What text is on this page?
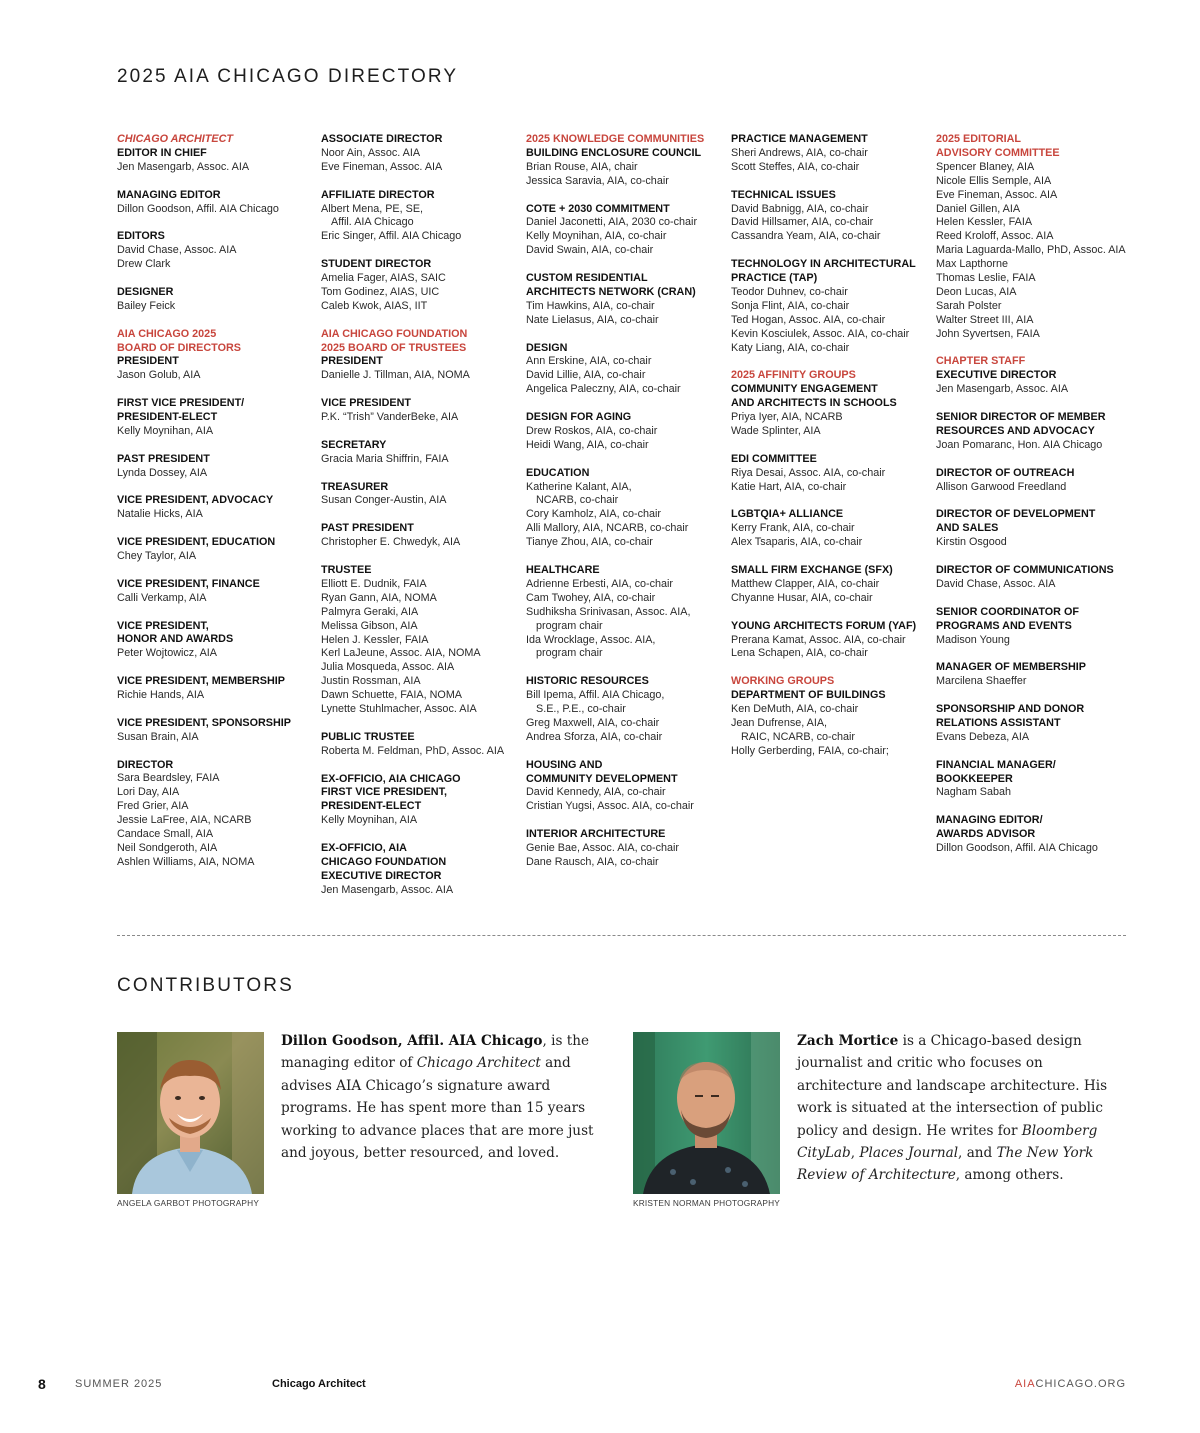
2025 AIA CHICAGO DIRECTORY
CHICAGO ARCHITECT
EDITOR IN CHIEF
Jen Masengarb, Assoc. AIA
MANAGING EDITOR
Dillon Goodson, Affil. AIA Chicago
EDITORS
David Chase, Assoc. AIA
Drew Clark
DESIGNER
Bailey Feick
AIA CHICAGO 2025
BOARD OF DIRECTORS
PRESIDENT
Jason Golub, AIA
FIRST VICE PRESIDENT/
PRESIDENT-ELECT
Kelly Moynihan, AIA
PAST PRESIDENT
Lynda Dossey, AIA
VICE PRESIDENT, ADVOCACY
Natalie Hicks, AIA
VICE PRESIDENT, EDUCATION
Chey Taylor, AIA
VICE PRESIDENT, FINANCE
Calli Verkamp, AIA
VICE PRESIDENT,
HONOR AND AWARDS
Peter Wojtowicz, AIA
VICE PRESIDENT, MEMBERSHIP
Richie Hands, AIA
VICE PRESIDENT, SPONSORSHIP
Susan Brain, AIA
DIRECTOR
Sara Beardsley, FAIA
Lori Day, AIA
Fred Grier, AIA
Jessie LaFree, AIA, NCARB
Candace Small, AIA
Neil Sondgeroth, AIA
Ashlen Williams, AIA, NOMA
ASSOCIATE DIRECTOR
Noor Ain, Assoc. AIA
Eve Fineman, Assoc. AIA
AFFILIATE DIRECTOR
Albert Mena, PE, SE,
Affil. AIA Chicago
Eric Singer, Affil. AIA Chicago
STUDENT DIRECTOR
Amelia Fager, AIAS, SAIC
Tom Godinez, AIAS, UIC
Caleb Kwok, AIAS, IIT
AIA CHICAGO FOUNDATION
2025 BOARD OF TRUSTEES
PRESIDENT
Danielle J. Tillman, AIA, NOMA
VICE PRESIDENT
P.K. “Trish” VanderBeke, AIA
SECRETARY
Gracia Maria Shiffrin, FAIA
TREASURER
Susan Conger-Austin, AIA
PAST PRESIDENT
Christopher E. Chwedyk, AIA
TRUSTEE
Elliott E. Dudnik, FAIA
Ryan Gann, AIA, NOMA
Palmyra Geraki, AIA
Melissa Gibson, AIA
Helen J. Kessler, FAIA
Kerl LaJeune, Assoc. AIA, NOMA
Julia Mosqueda, Assoc. AIA
Justin Rossman, AIA
Dawn Schuette, FAIA, NOMA
Lynette Stuhlmacher, Assoc. AIA
PUBLIC TRUSTEE
Roberta M. Feldman, PhD, Assoc. AIA
EX-OFFICIO, AIA CHICAGO
FIRST VICE PRESIDENT,
PRESIDENT-ELECT
Kelly Moynihan, AIA
EX-OFFICIO, AIA
CHICAGO FOUNDATION
EXECUTIVE DIRECTOR
Jen Masengarb, Assoc. AIA
2025 KNOWLEDGE COMMUNITIES
BUILDING ENCLOSURE COUNCIL
Brian Rouse, AIA, chair
Jessica Saravia, AIA, co-chair
COTE + 2030 COMMITMENT
Daniel Jaconetti, AIA, 2030 co-chair
Kelly Moynihan, AIA, co-chair
David Swain, AIA, co-chair
CUSTOM RESIDENTIAL
ARCHITECTS NETWORK (CRAN)
Tim Hawkins, AIA, co-chair
Nate Lielasus, AIA, co-chair
DESIGN
Ann Erskine, AIA, co-chair
David Lillie, AIA, co-chair
Angelica Paleczny, AIA, co-chair
DESIGN FOR AGING
Drew Roskos, AIA, co-chair
Heidi Wang, AIA, co-chair
EDUCATION
Katherine Kalant, AIA,
NCARB, co-chair
Cory Kamholz, AIA, co-chair
Alli Mallory, AIA, NCARB, co-chair
Tianye Zhou, AIA, co-chair
HEALTHCARE
Adrienne Erbesti, AIA, co-chair
Cam Twohey, AIA, co-chair
Sudhiksha Srinivasan, Assoc. AIA,
program chair
Ida Wrocklage, Assoc. AIA,
program chair
HISTORIC RESOURCES
Bill Ipema, Affil. AIA Chicago,
S.E., P.E., co-chair
Greg Maxwell, AIA, co-chair
Andrea Sforza, AIA, co-chair
HOUSING AND
COMMUNITY DEVELOPMENT
David Kennedy, AIA, co-chair
Cristian Yugsi, Assoc. AIA, co-chair
INTERIOR ARCHITECTURE
Genie Bae, Assoc. AIA, co-chair
Dane Rausch, AIA, co-chair
PRACTICE MANAGEMENT
Sheri Andrews, AIA, co-chair
Scott Steffes, AIA, co-chair
TECHNICAL ISSUES
David Babnigg, AIA, co-chair
David Hillsamer, AIA, co-chair
Cassandra Yeam, AIA, co-chair
TECHNOLOGY IN ARCHITECTURAL
PRACTICE (TAP)
Teodor Duhnev, co-chair
Sonja Flint, AIA, co-chair
Ted Hogan, Assoc. AIA, co-chair
Kevin Kosciulek, Assoc. AIA, co-chair
Katy Liang, AIA, co-chair
2025 AFFINITY GROUPS
COMMUNITY ENGAGEMENT
AND ARCHITECTS IN SCHOOLS
Priya Iyer, AIA, NCARB
Wade Splinter, AIA
EDI COMMITTEE
Riya Desai, Assoc. AIA, co-chair
Katie Hart, AIA, co-chair
LGBTQIA+ ALLIANCE
Kerry Frank, AIA, co-chair
Alex Tsaparis, AIA, co-chair
SMALL FIRM EXCHANGE (SFX)
Matthew Clapper, AIA, co-chair
Chyanne Husar, AIA, co-chair
YOUNG ARCHITECTS FORUM (YAF)
Prerana Kamat, Assoc. AIA, co-chair
Lena Schapen, AIA, co-chair
WORKING GROUPS
DEPARTMENT OF BUILDINGS
Ken DeMuth, AIA, co-chair
Jean Dufrense, AIA,
RAIC, NCARB, co-chair
Holly Gerberding, FAIA, co-chair;
2025 EDITORIAL
ADVISORY COMMITTEE
Spencer Blaney, AIA
Nicole Ellis Semple, AIA
Eve Fineman, Assoc. AIA
Daniel Gillen, AIA
Helen Kessler, FAIA
Reed Kroloff, Assoc. AIA
Maria Laguarda-Mallo, PhD, Assoc. AIA
Max Lapthorne
Thomas Leslie, FAIA
Deon Lucas, AIA
Sarah Polster
Walter Street III, AIA
John Syvertsen, FAIA
CHAPTER STAFF
EXECUTIVE DIRECTOR
Jen Masengarb, Assoc. AIA
SENIOR DIRECTOR OF MEMBER
RESOURCES AND ADVOCACY
Joan Pomaranc, Hon. AIA Chicago
DIRECTOR OF OUTREACH
Allison Garwood Freedland
DIRECTOR OF DEVELOPMENT
AND SALES
Kirstin Osgood
DIRECTOR OF COMMUNICATIONS
David Chase, Assoc. AIA
SENIOR COORDINATOR OF
PROGRAMS AND EVENTS
Madison Young
MANAGER OF MEMBERSHIP
Marcilena Shaeffer
SPONSORSHIP AND DONOR
RELATIONS ASSISTANT
Evans Debeza, AIA
FINANCIAL MANAGER/
BOOKKEEPER
Nagham Sabah
MANAGING EDITOR/
AWARDS ADVISOR
Dillon Goodson, Affil. AIA Chicago
CONTRIBUTORS
ANGELA GARBOT PHOTOGRAPHY
Dillon Goodson, Affil. AIA Chicago, is the managing editor of Chicago Architect and advises AIA Chicago’s signature award programs. He has spent more than 15 years working to advance places that are more just and joyous, better resourced, and loved.
KRISTEN NORMAN PHOTOGRAPHY
Zach Mortice is a Chicago-based design journalist and critic who focuses on architecture and landscape architecture. His work is situated at the intersection of public policy and design. He writes for Bloomberg CityLab, Places Journal, and The New York Review of Architecture, among others.
8	SUMMER 2025	Chicago Architect	AIACHICAGO.ORG
